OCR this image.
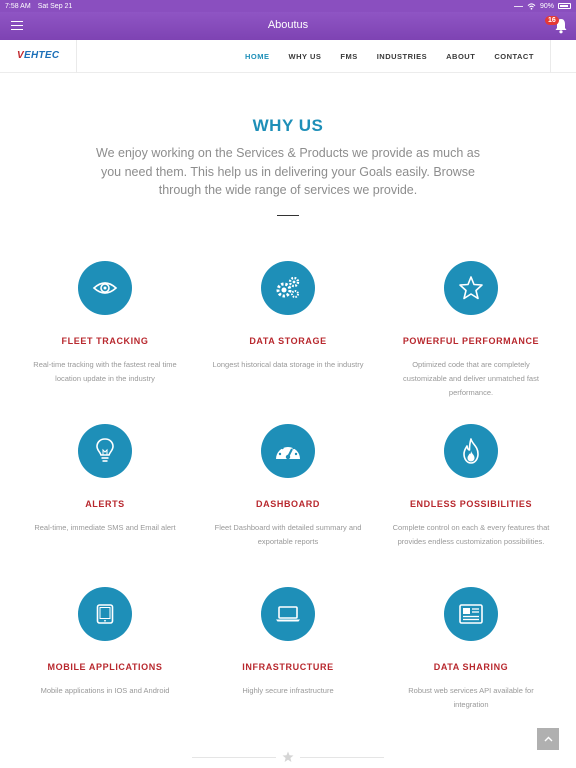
7:58 AM Sat Sep 21	90%
Aboutus	16
VEHTEC	HOME	WHY US	FMS	INDUSTRIES	ABOUT	CONTACT
WHY US

We enjoy working on the Services & Products we provide as much as you need them. This help us in delivering your Goals easily. Browse through the wide range of services we provide.

FLEET TRACKING
Real-time tracking with the fastest real time location update in the industry
DATA STORAGE
Longest historical data storage in the industry
POWERFUL PERFORMANCE
Optimized code that are completely customizable and deliver unmatched fast performance.
ALERTS
Real-time, immediate SMS and Email alert
DASHBOARD
Fleet Dashboard with detailed summary and exportable reports
ENDLESS POSSIBILITIES
Complete control on each & every features that provides endless customization possibilities.
MOBILE APPLICATIONS
Mobile applications in IOS and Android
INFRASTRUCTURE
Highly secure infrastructure
DATA SHARING
Robust web services API available for integration
